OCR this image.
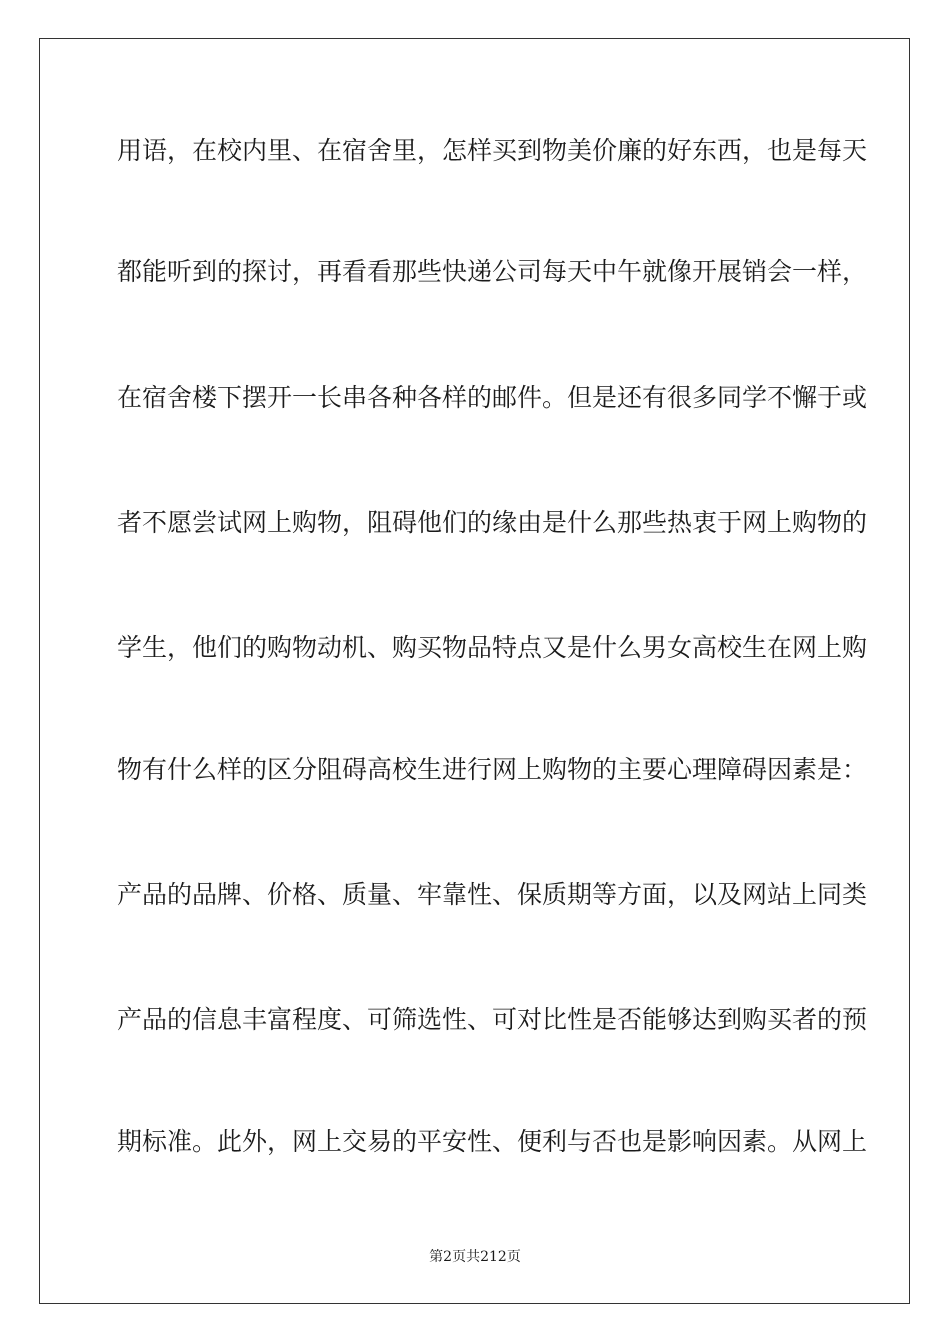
用语，在校内里、在宿舍里，怎样买到物美价廉的好东西，也是每天
都能听到的探讨，再看看那些快递公司每天中午就像开展销会一样，
在宿舍楼下摆开一长串各种各样的邮件。但是还有很多同学不懈于或
者不愿尝试网上购物，阻碍他们的缘由是什么那些热衷于网上购物的
学生，他们的购物动机、购买物品特点又是什么男女高校生在网上购
物有什么样的区分阻碍高校生进行网上购物的主要心理障碍因素是：
产品的品牌、价格、质量、牢靠性、保质期等方面，以及网站上同类
产品的信息丰富程度、可筛选性、可对比性是否能够达到购买者的预
期标准。此外，网上交易的平安性、便利与否也是影响因素。从网上
第2页共212页
